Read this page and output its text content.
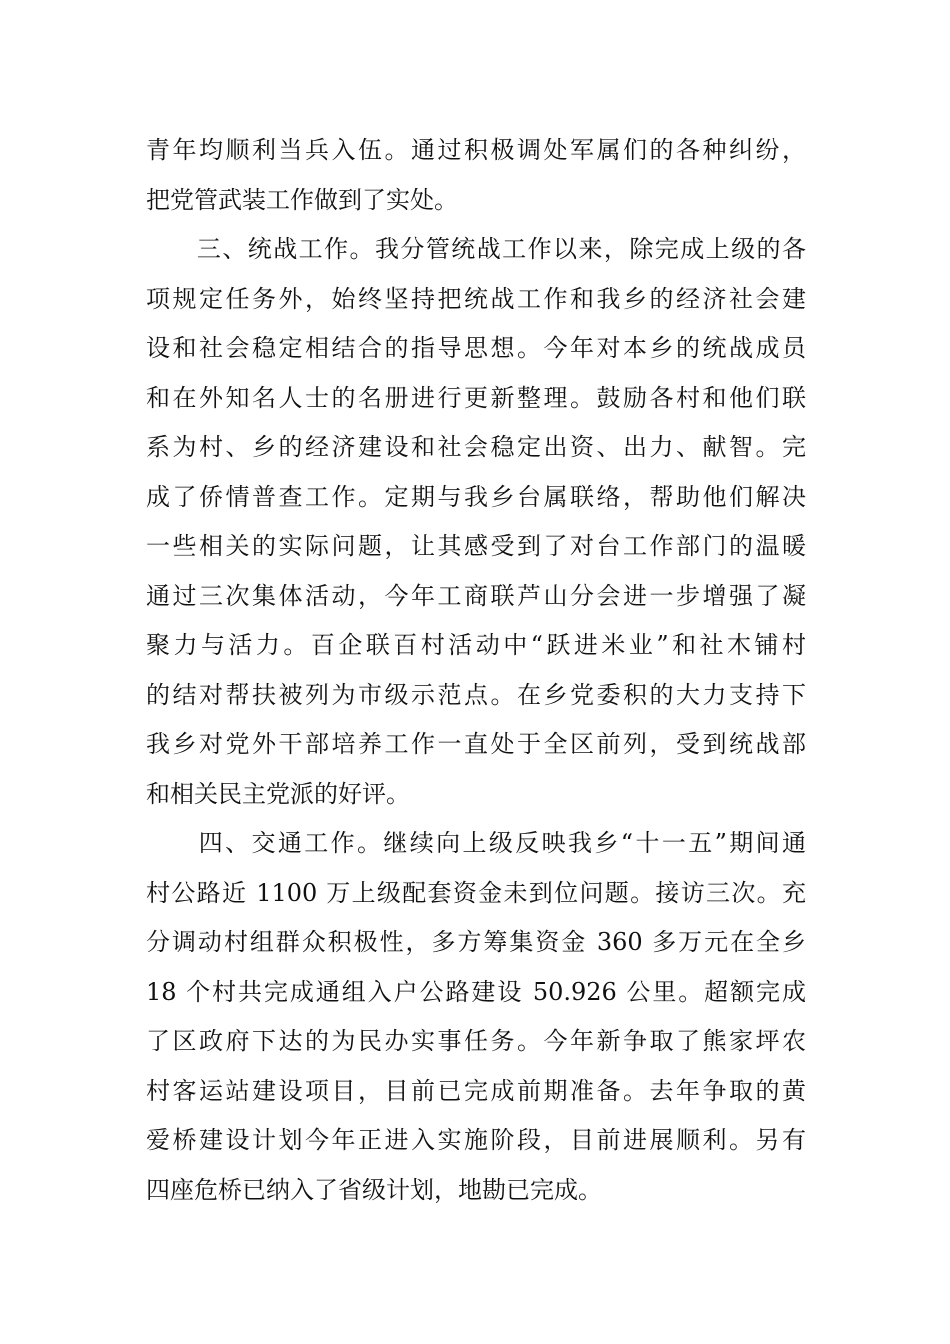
青年均顺利当兵入伍。通过积极调处军属们的各种纠纷，
把党管武装工作做到了实处。
　　三、统战工作。我分管统战工作以来，除完成上级的各
项规定任务外，始终坚持把统战工作和我乡的经济社会建
设和社会稳定相结合的指导思想。今年对本乡的统战成员
和在外知名人士的名册进行更新整理。鼓励各村和他们联
系为村、乡的经济建设和社会稳定出资、出力、献智。完
成了侨情普查工作。定期与我乡台属联络，帮助他们解决
一些相关的实际问题，让其感受到了对台工作部门的温暖
通过三次集体活动，今年工商联芦山分会进一步增强了凝
聚力与活力。百企联百村活动中“跃进米业”和社木铺村
的结对帮扶被列为市级示范点。在乡党委积的大力支持下
我乡对党外干部培养工作一直处于全区前列，受到统战部
和相关民主党派的好评。
　　四、交通工作。继续向上级反映我乡“十一五”期间通
村公路近 1100 万上级配套资金未到位问题。接访三次。充
分调动村组群众积极性，多方筹集资金 360 多万元在全乡
18 个村共完成通组入户公路建设 50.926 公里。超额完成
了区政府下达的为民办实事任务。今年新争取了熊家坪农
村客运站建设项目，目前已完成前期准备。去年争取的黄
爱桥建设计划今年正进入实施阶段，目前进展顺利。另有
四座危桥已纳入了省级计划，地勘已完成。
